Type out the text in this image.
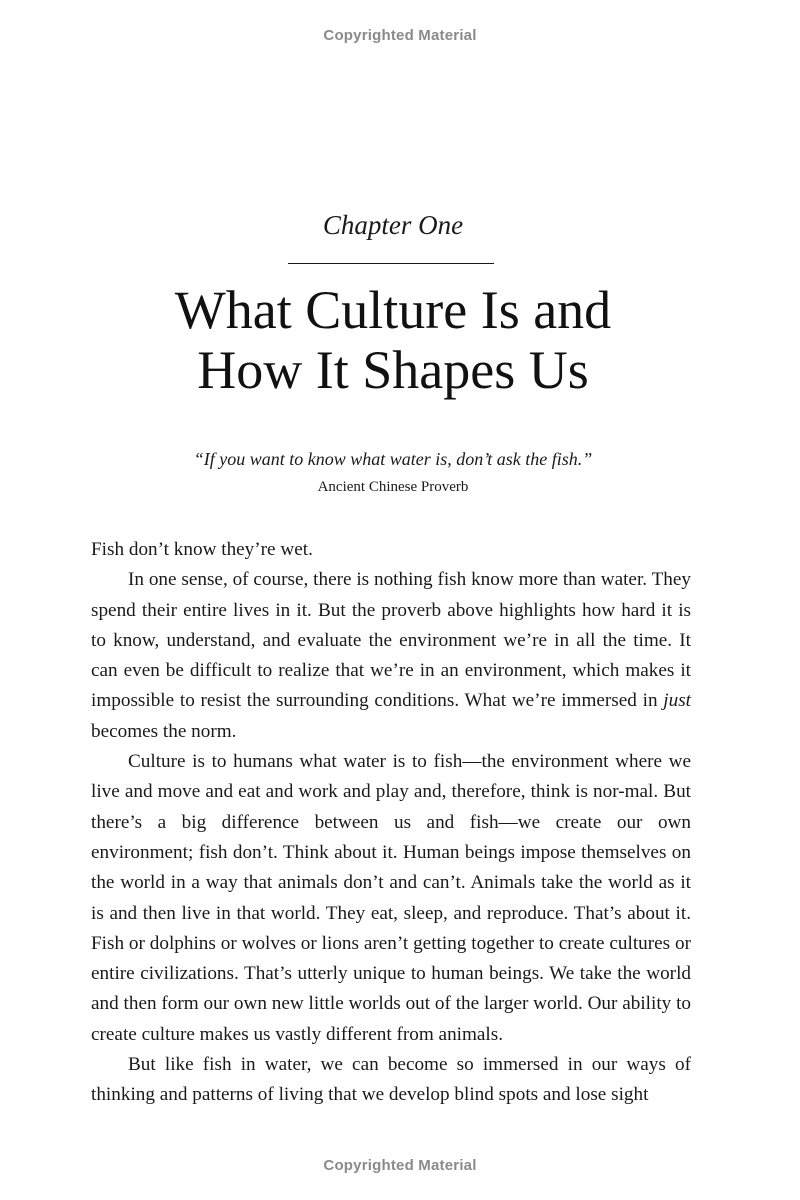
Copyrighted Material
Chapter One
What Culture Is and
How It Shapes Us
“If you want to know what water is, don’t ask the fish.”
Ancient Chinese Proverb

Fish don’t know they’re wet.

In one sense, of course, there is nothing fish know more than water. They spend their entire lives in it. But the proverb above highlights how hard it is to know, understand, and evaluate the environment we’re in all the time. It can even be difficult to realize that we’re in an environment, which makes it impossible to resist the surrounding conditions. What we’re immersed in just becomes the norm.

Culture is to humans what water is to fish—the environment where we live and move and eat and work and play and, therefore, think is nor-mal. But there’s a big difference between us and fish—we create our own environment; fish don’t. Think about it. Human beings impose themselves on the world in a way that animals don’t and can’t. Animals take the world as it is and then live in that world. They eat, sleep, and reproduce. That’s about it. Fish or dolphins or wolves or lions aren’t getting together to create cultures or entire civilizations. That’s utterly unique to human beings. We take the world and then form our own new little worlds out of the larger world. Our ability to create culture makes us vastly different from animals.

But like fish in water, we can become so immersed in our ways of thinking and patterns of living that we develop blind spots and lose sight

Copyrighted Material
